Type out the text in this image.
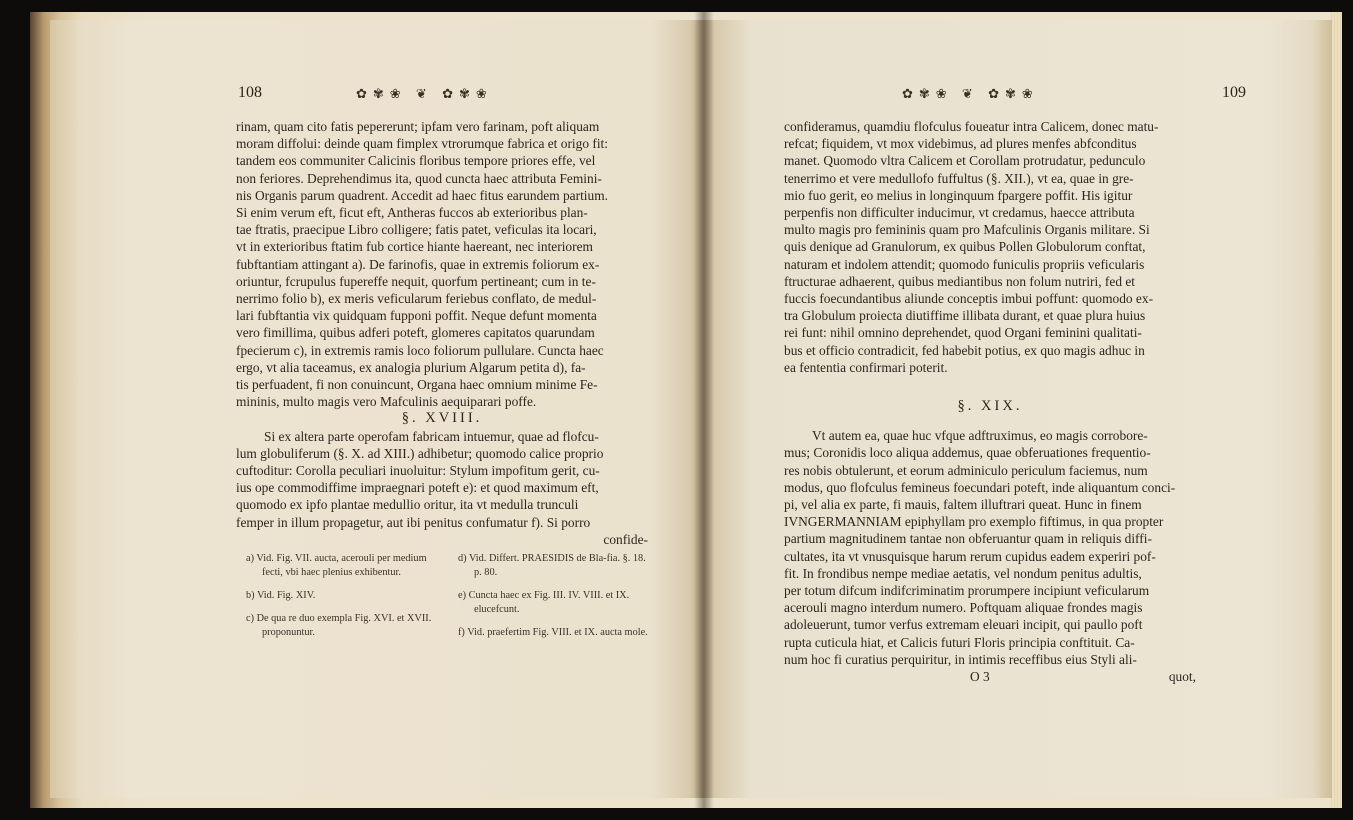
108	✿✾❀ ❦ ✿✾❀

rinam, quam cito fatis pepererunt; ipfam vero farinam, poft aliquam

moram diffolui: deinde quam fimplex vtrorumque fabrica et origo fit:

tandem eos communiter Calicinis floribus tempore priores effe, vel

non feriores. Deprehendimus ita, quod cuncta haec attributa Femini-

nis Organis parum quadrent. Accedit ad haec fitus earundem partium.

Si enim verum eft, ficut eft, Antheras fuccos ab exterioribus plan-

tae ftratis, praecipue Libro colligere; fatis patet, veficulas ita locari,

vt in exterioribus ftatim fub cortice hiante haereant, nec interiorem

fubftantiam attingant a). De farinofis, quae in extremis foliorum ex-

oriuntur, fcrupulus fupereffe nequit, quorfum pertineant; cum in te-

nerrimo folio b), ex meris veficularum feriebus conflato, de medul-

lari fubftantia vix quidquam fupponi poffit. Neque defunt momenta

vero fimillima, quibus adferi poteft, glomeres capitatos quarundam

fpecierum c), in extremis ramis loco foliorum pullulare. Cuncta haec

ergo, vt alia taceamus, ex analogia plurium Algarum petita d), fa-

tis perfuadent, fi non conuincunt, Organa haec omnium minime Fe-

mininis, multo magis vero Mafculinis aequiparari poffe.

§. XVIII.

Si ex altera parte operofam fabricam intuemur, quae ad flofcu-

lum globuliferum (§. X. ad XIII.) adhibetur; quomodo calice proprio

cuftoditur: Corolla peculiari inuoluitur: Stylum impofitum gerit, cu-

ius ope commodiffime impraegnari poteft e): et quod maximum eft,

quomodo ex ipfo plantae medullio oritur, ita vt medulla trunculi

femper in illum propagetur, aut ibi penitus confumatur f). Si porro

confide-

a) Vid. Fig. VII. aucta, acerouli per medium fecti, vbi haec plenius exhibentur.

b) Vid. Fig. XIV.

c) De qua re duo exempla Fig. XVI. et XVII. proponuntur.

d) Vid. Differt. PRAESIDIS de Bla-fia. §. 18. p. 80.

e) Cuncta haec ex Fig. III. IV. VIII. et IX. elucefcunt.

f) Vid. praefertim Fig. VIII. et IX. aucta mole.

✿✾❀ ❦ ✿✾❀	109

confideramus, quamdiu flofculus foueatur intra Calicem, donec matu-

refcat; fiquidem, vt mox videbimus, ad plures menfes abfconditus

manet. Quomodo vltra Calicem et Corollam protrudatur, pedunculo

tenerrimo et vere medullofo fuffultus (§. XII.), vt ea, quae in gre-

mio fuo gerit, eo melius in longinquum fpargere poffit. His igitur

perpenfis non difficulter inducimur, vt credamus, haecce attributa

multo magis pro femininis quam pro Mafculinis Organis militare. Si

quis denique ad Granulorum, ex quibus Pollen Globulorum conftat,

naturam et indolem attendit; quomodo funiculis propriis veficularis

ftructurae adhaerent, quibus mediantibus non folum nutriri, fed et

fuccis foecundantibus aliunde conceptis imbui poffunt: quomodo ex-

tra Globulum proiecta diutiffime illibata durant, et quae plura huius

rei funt: nihil omnino deprehendet, quod Organi feminini qualitati-

bus et officio contradicit, fed habebit potius, ex quo magis adhuc in

ea fententia confirmari poterit.

§. XIX.

Vt autem ea, quae huc vfque adftruximus, eo magis corrobore-

mus; Coronidis loco aliqua addemus, quae obferuationes frequentio-

res nobis obtulerunt, et eorum adminiculo periculum faciemus, num

modus, quo flofculus femineus foecundari poteft, inde aliquantum conci-

pi, vel alia ex parte, fi mauis, faltem illuftrari queat. Hunc in finem

IVNGERMANNIAM epiphyllam pro exemplo fiftimus, in qua propter

partium magnitudinem tantae non obferuantur quam in reliquis diffi-

cultates, ita vt vnusquisque harum rerum cupidus eadem experiri pof-

fit. In frondibus nempe mediae aetatis, vel nondum penitus adultis,

per totum difcum indifcriminatim prorumpere incipiunt veficularum

acerouli magno interdum numero. Poftquam aliquae frondes magis

adoleuerunt, tumor verfus extremam eleuari incipit, qui paullo poft

rupta cuticula hiat, et Calicis futuri Floris principia conftituit. Ca-

num hoc fi curatius perquiritur, in intimis receffibus eius Styli ali-

O 3	quot,
